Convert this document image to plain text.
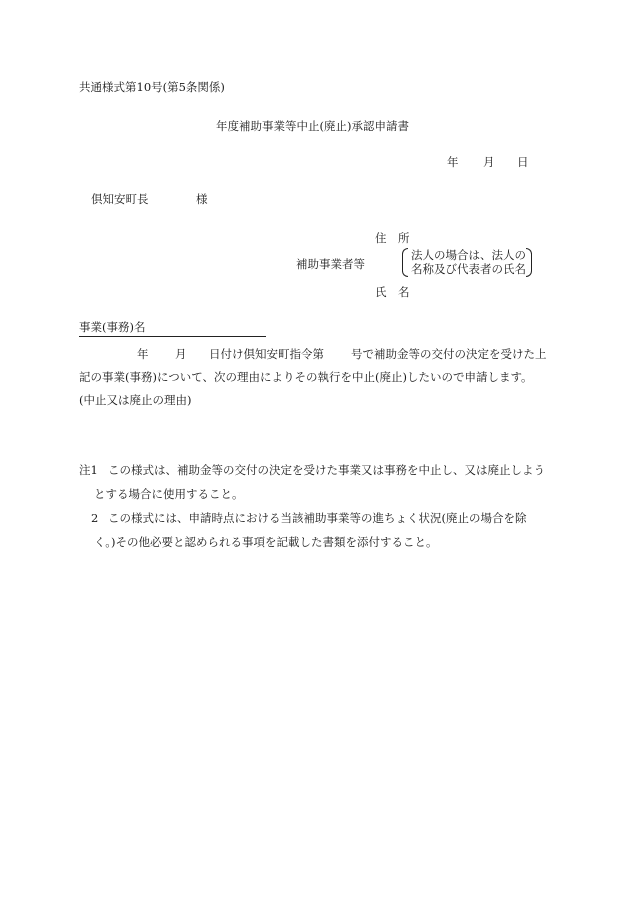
共通様式第10号(第5条関係)
年度補助事業等中止(廃止)承認申請書
年 月 日
倶知安町長	様
住　所
補助事業者等
法人の場合は、法人の
名称及び代表者の氏名
氏　名
事業(事務)名
年 月 日付け倶知安町指令第 号で補助金等の交付の決定を受けた上
記の事業(事務)について、次の理由によりその執行を中止(廃止)したいので申請します。
(中止又は廃止の理由)
注1 この様式は、補助金等の交付の決定を受けた事業又は事務を中止し、又は廃止しよう
とする場合に使用すること。
2 この様式には、申請時点における当該補助事業等の進ちょく状況(廃止の場合を除
く。)その他必要と認められる事項を記載した書類を添付すること。
